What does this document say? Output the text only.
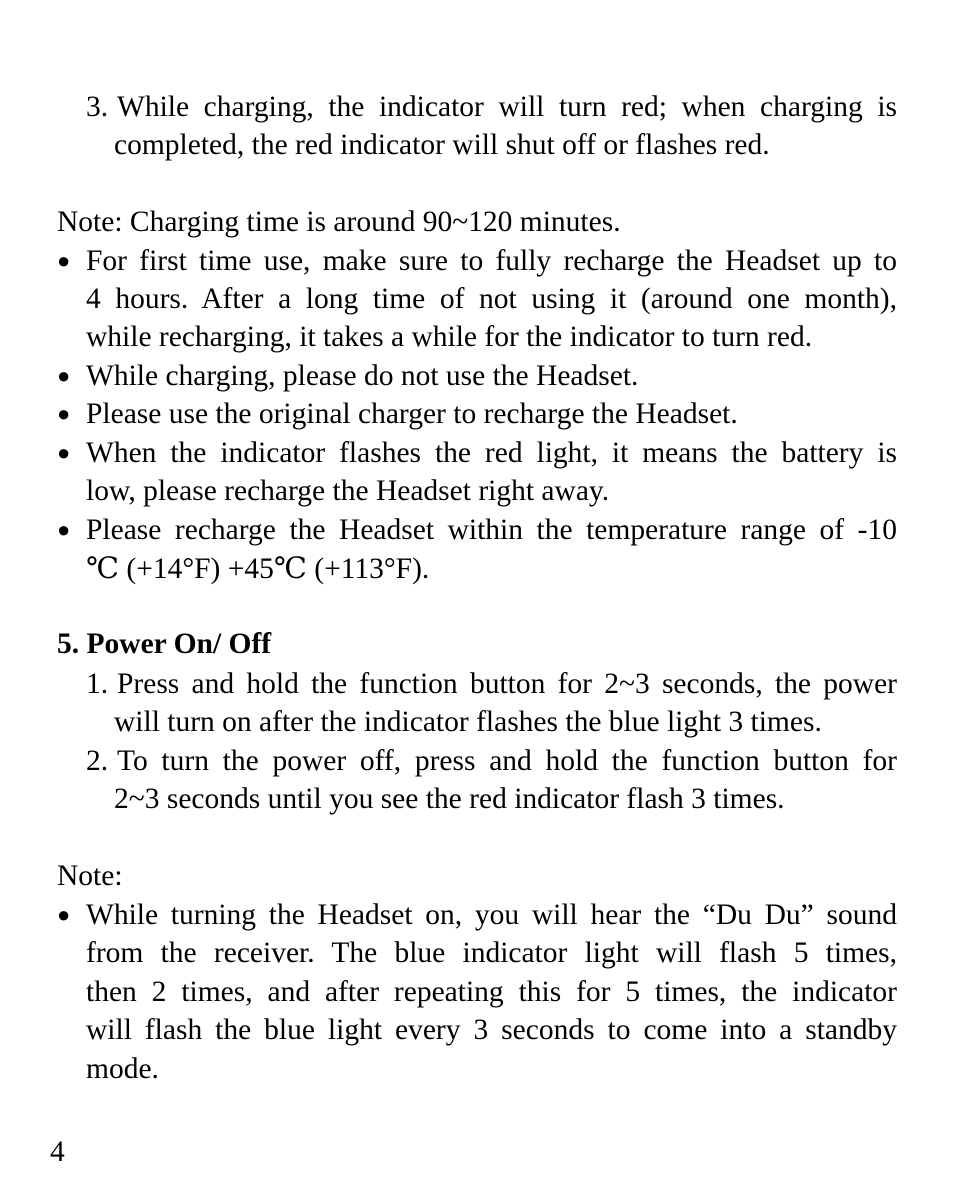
3. While charging, the indicator will turn red; when charging is
completed, the red indicator will shut off or flashes red.
Note: Charging time is around 90~120 minutes.
● For first time use, make sure to fully recharge the Headset up to
4 hours. After a long time of not using it (around one month),
while recharging, it takes a while for the indicator to turn red.
● While charging, please do not use the Headset.
● Please use the original charger to recharge the Headset.
● When the indicator flashes the red light, it means the battery is
low, please recharge the Headset right away.
● Please recharge the Headset within the temperature range of -10
℃ (+14°F) +45℃ (+113°F).
5. Power On/ Off
1. Press and hold the function button for 2~3 seconds, the power
will turn on after the indicator flashes the blue light 3 times.
2. To turn the power off, press and hold the function button for
2~3 seconds until you see the red indicator flash 3 times.
Note:
● While turning the Headset on, you will hear the “Du Du” sound
from the receiver. The blue indicator light will flash 5 times,
then 2 times, and after repeating this for 5 times, the indicator
will flash the blue light every 3 seconds to come into a standby
mode.
4
